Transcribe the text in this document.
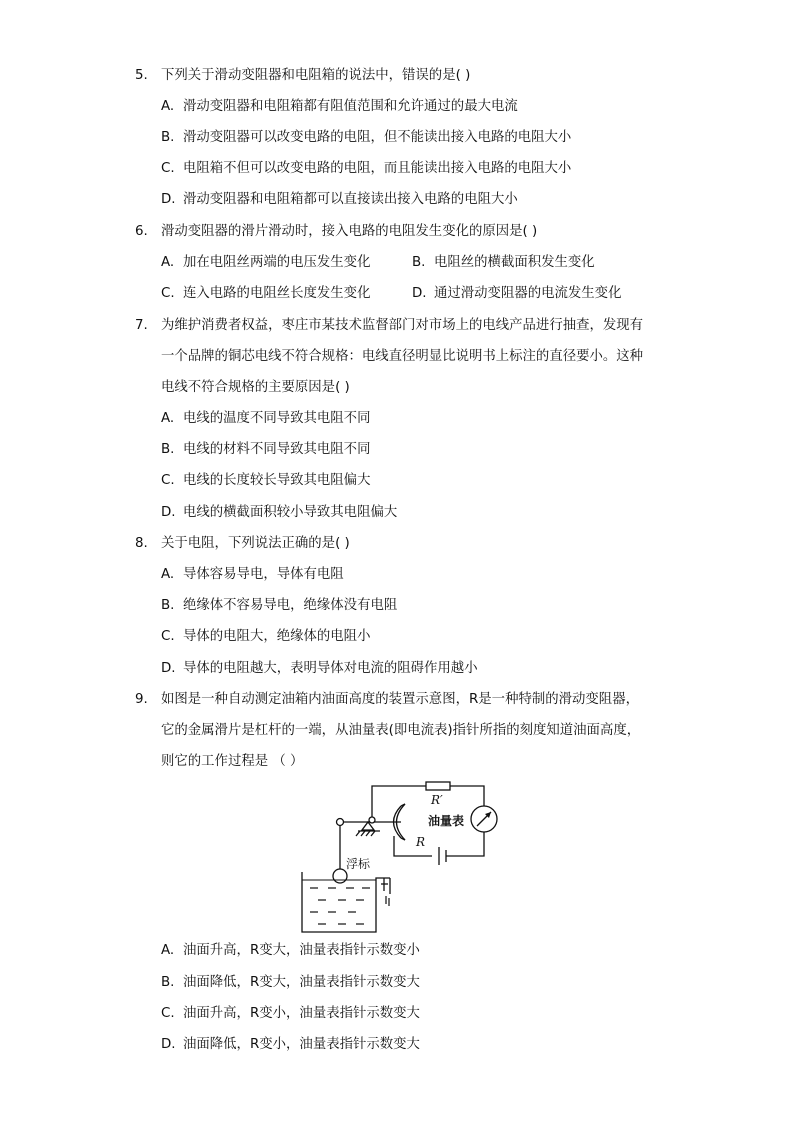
5. 下列关于滑动变阻器和电阻箱的说法中，错误的是( )
A. 滑动变阻器和电阻箱都有阻值范围和允许通过的最大电流
B. 滑动变阻器可以改变电路的电阻，但不能读出接入电路的电阻大小
C. 电阻箱不但可以改变电路的电阻，而且能读出接入电路的电阻大小
D. 滑动变阻器和电阻箱都可以直接读出接入电路的电阻大小
6. 滑动变阻器的滑片滑动时，接入电路的电阻发生变化的原因是( )
A. 加在电阻丝两端的电压发生变化	B. 电阻丝的横截面积发生变化
C. 连入电路的电阻丝长度发生变化	D. 通过滑动变阻器的电流发生变化
7. 为维护消费者权益，枣庄市某技术监督部门对市场上的电线产品进行抽查，发现有
一个品牌的铜芯电线不符合规格：电线直径明显比说明书上标注的直径要小。这种
电线不符合规格的主要原因是( )
A. 电线的温度不同导致其电阻不同
B. 电线的材料不同导致其电阻不同
C. 电线的长度较长导致其电阻偏大
D. 电线的横截面积较小导致其电阻偏大
8. 关于电阻，下列说法正确的是( )
A. 导体容易导电，导体有电阻
B. 绝缘体不容易导电，绝缘体没有电阻
C. 导体的电阻大，绝缘体的电阻小
D. 导体的电阻越大，表明导体对电流的阻碍作用越小
9. 如图是一种自动测定油箱内油面高度的装置示意图，R是一种特制的滑动变阻器，
它的金属滑片是杠杆的一端，从油量表(即电流表)指针所指的刻度知道油面高度，
则它的工作过程是 （ ）
R′
R
油量表
浮标
A. 油面升高，R变大，油量表指针示数变小
B. 油面降低，R变大，油量表指针示数变大
C. 油面升高，R变小，油量表指针示数变大
D. 油面降低，R变小，油量表指针示数变大
